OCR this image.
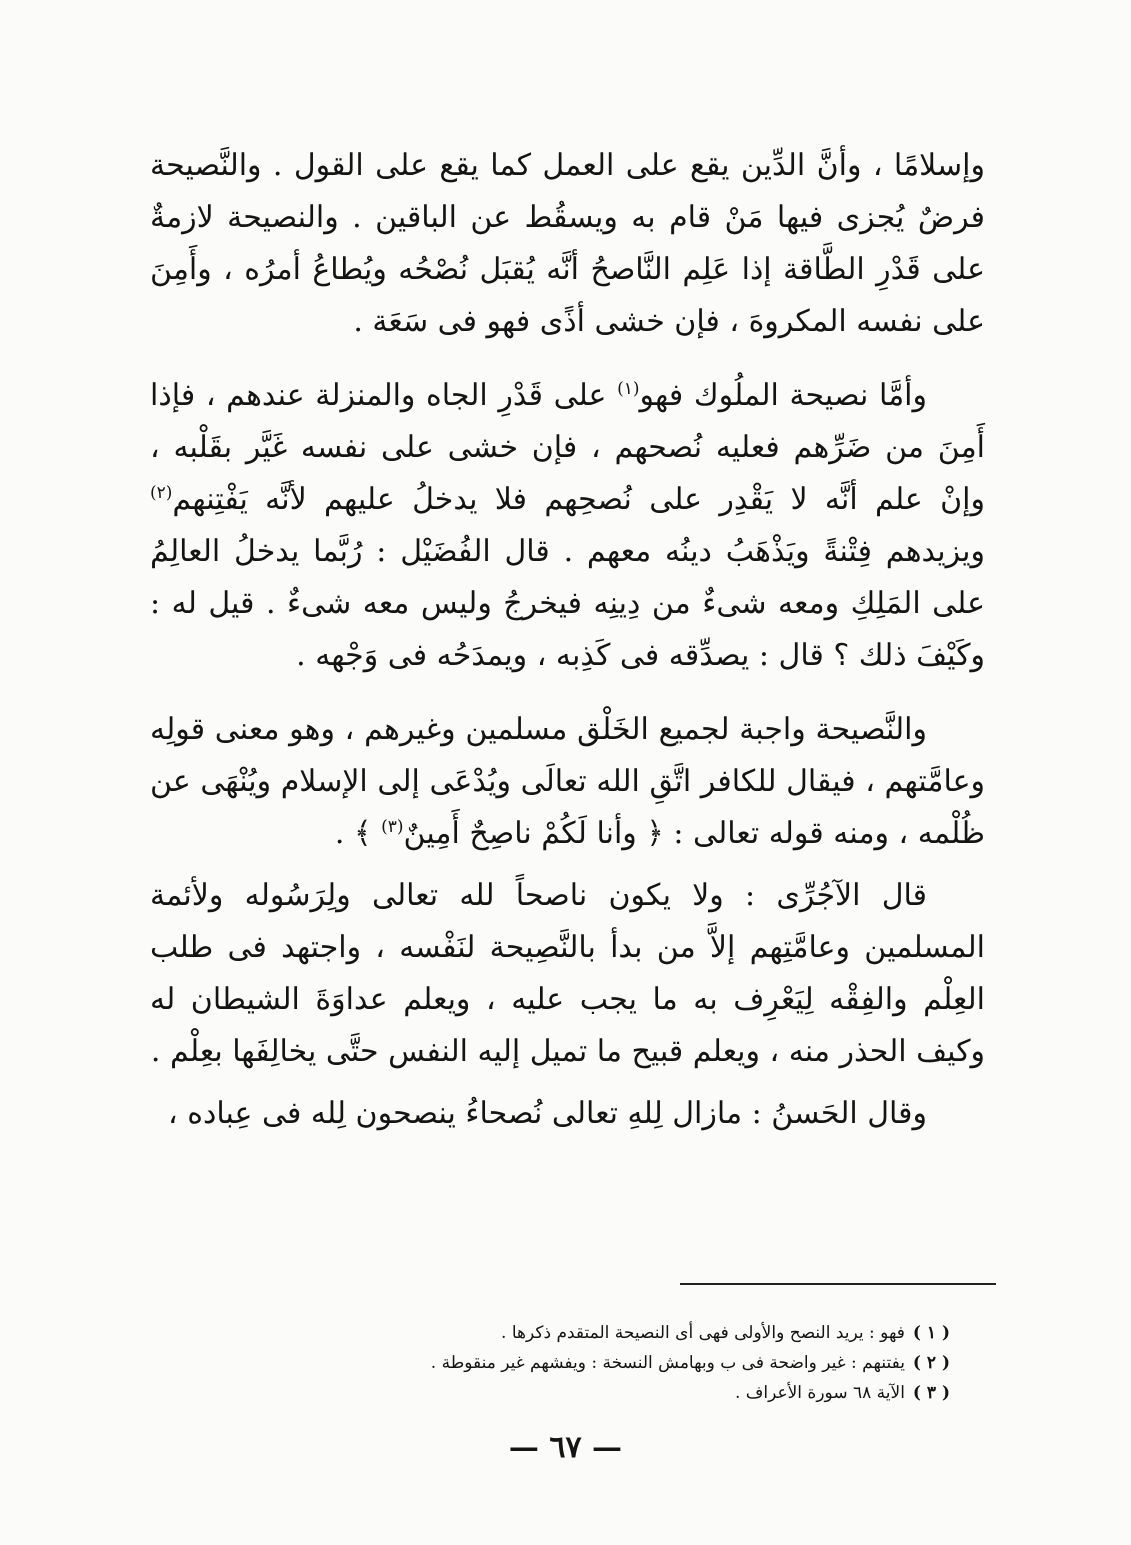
وإسلامًا ، وأنَّ الدِّين يقع على العمل كما يقع على القول . والنَّصيحة فرضٌ يُجزى فيها مَنْ قام به ويسقُط عن الباقين . والنصيحة لازمةٌ على قَدْرِ الطَّاقة إذا عَلِم النَّاصحُ أنَّه يُقبَل نُصْحُه ويُطاعُ أمرُه ، وأَمِنَ على نفسه المكروهَ ، فإن خشى أذًى فهو فى سَعَة .

وأمَّا نصيحة الملُوك فهو$^{(١)}$ على قَدْرِ الجاه والمنزلة عندهم ، فإذا أَمِنَ من ضَرِّهم فعليه نُصحهم ، فإن خشى على نفسه غَيَّر بقَلْبه ، وإنْ علم أنَّه لا يَقْدِر على نُصحِهم فلا يدخلُ عليهم لأنَّه يَفْتِنهم$^{(٢)}$ ويزيدهم فِتْنةً ويَذْهَبُ دينُه معهم . قال الفُضَيْل : رُبَّما يدخلُ العالِمُ على المَلِكِ ومعه شىءٌ من دِينِه فيخرجُ وليس معه شىءٌ . قيل له : وكَيْفَ ذلك ؟ قال : يصدِّقه فى كَذِبه ، ويمدَحُه فى وَجْهه .

والنَّصيحة واجبة لجميع الخَلْق مسلمين وغيرهم ، وهو معنى قولِه وعامَّتهم ، فيقال للكافر اتَّقِ الله تعالَى ويُدْعَى إلى الإسلام ويُنْهَى عن ظُلْمه ، ومنه قوله تعالى : ﴿ وأنا لَكُمْ ناصِحٌ أَمِينٌ$^{(٣)}$ ﴾ .

قال الآجُرِّى : ولا يكون ناصحاً لله تعالى ولِرَسُوله ولأئمة المسلمين وعامَّتِهم إلاَّ من بدأ بالنَّصِيحة لنَفْسه ، واجتهد فى طلب العِلْم والفِقْه لِيَعْرِف به ما يجب عليه ، ويعلم عداوَةَ الشيطان له وكيف الحذر منه ، ويعلم قبيح ما تميل إليه النفس حتَّى يخالِفَها بعِلْم .

وقال الحَسنُ : مازال لِلهِ تعالى نُصحاءُ ينصحون لِله فى عِباده ،

( ١ )فهو : يريد النصح والأولى فهى أى النصيحة المتقدم ذكرها .
( ٢ )يفتنهم : غير واضحة فى ب وبهامش النسخة : ويفشهم غير منقوطة .
( ٣ )الآية ٦٨ سورة الأعراف .
— ٦٧ —
